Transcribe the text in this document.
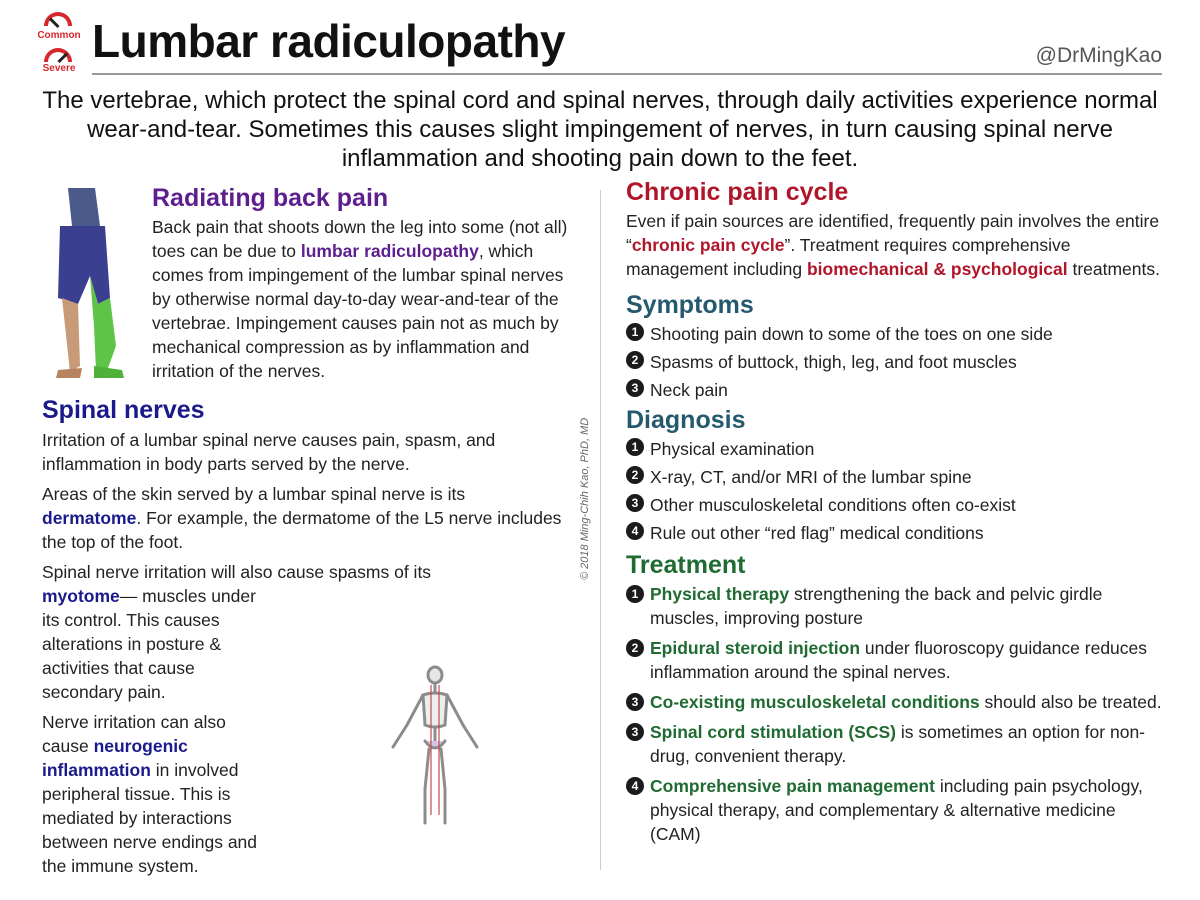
Common
Severe
Lumbar radiculopathy	@DrMingKao
The vertebrae, which protect the spinal cord and spinal nerves, through daily activities experience normal wear-and-tear. Sometimes this causes slight impingement of nerves, in turn causing spinal nerve inflammation and shooting pain down to the feet.
Radiating back pain
Back pain that shoots down the leg into some (not all) toes can be due to lumbar radiculopathy, which comes from impingement of the lumbar spinal nerves by otherwise normal day-to-day wear-and-tear of the vertebrae. Impingement causes pain not as much by mechanical compression as by inflammation and irritation of the nerves.
Spinal nerves
Irritation of a lumbar spinal nerve causes pain, spasm, and inflammation in body parts served by the nerve.
Areas of the skin served by a lumbar spinal nerve is its dermatome. For example, the dermatome of the L5 nerve includes the top of the foot.
Spinal nerve irritation will also cause spasms of its myotome— muscles under its control. This causes alterations in posture & activities that cause secondary pain.
Nerve irritation can also cause neurogenic inflammation in involved peripheral tissue. This is mediated by interactions between nerve endings and the immune system.
© 2018 Ming-Chih Kao, PhD, MD
Chronic pain cycle
Even if pain sources are identified, frequently pain involves the entire “chronic pain cycle”. Treatment requires comprehensive management including biomechanical & psychological treatments.
Symptoms
1 Shooting pain down to some of the toes on one side
2 Spasms of buttock, thigh, leg, and foot muscles
3 Neck pain
Diagnosis
1 Physical examination
2 X-ray, CT, and/or MRI of the lumbar spine
3 Other musculoskeletal conditions often co-exist
4 Rule out other “red flag” medical conditions
Treatment
1 Physical therapy strengthening the back and pelvic girdle muscles, improving posture
2 Epidural steroid injection under fluoroscopy guidance reduces inflammation around the spinal nerves.
3 Co-existing musculoskeletal conditions should also be treated.
3 Spinal cord stimulation (SCS) is sometimes an option for non-drug, convenient therapy.
4 Comprehensive pain management including pain psychology, physical therapy, and complementary & alternative medicine (CAM)
